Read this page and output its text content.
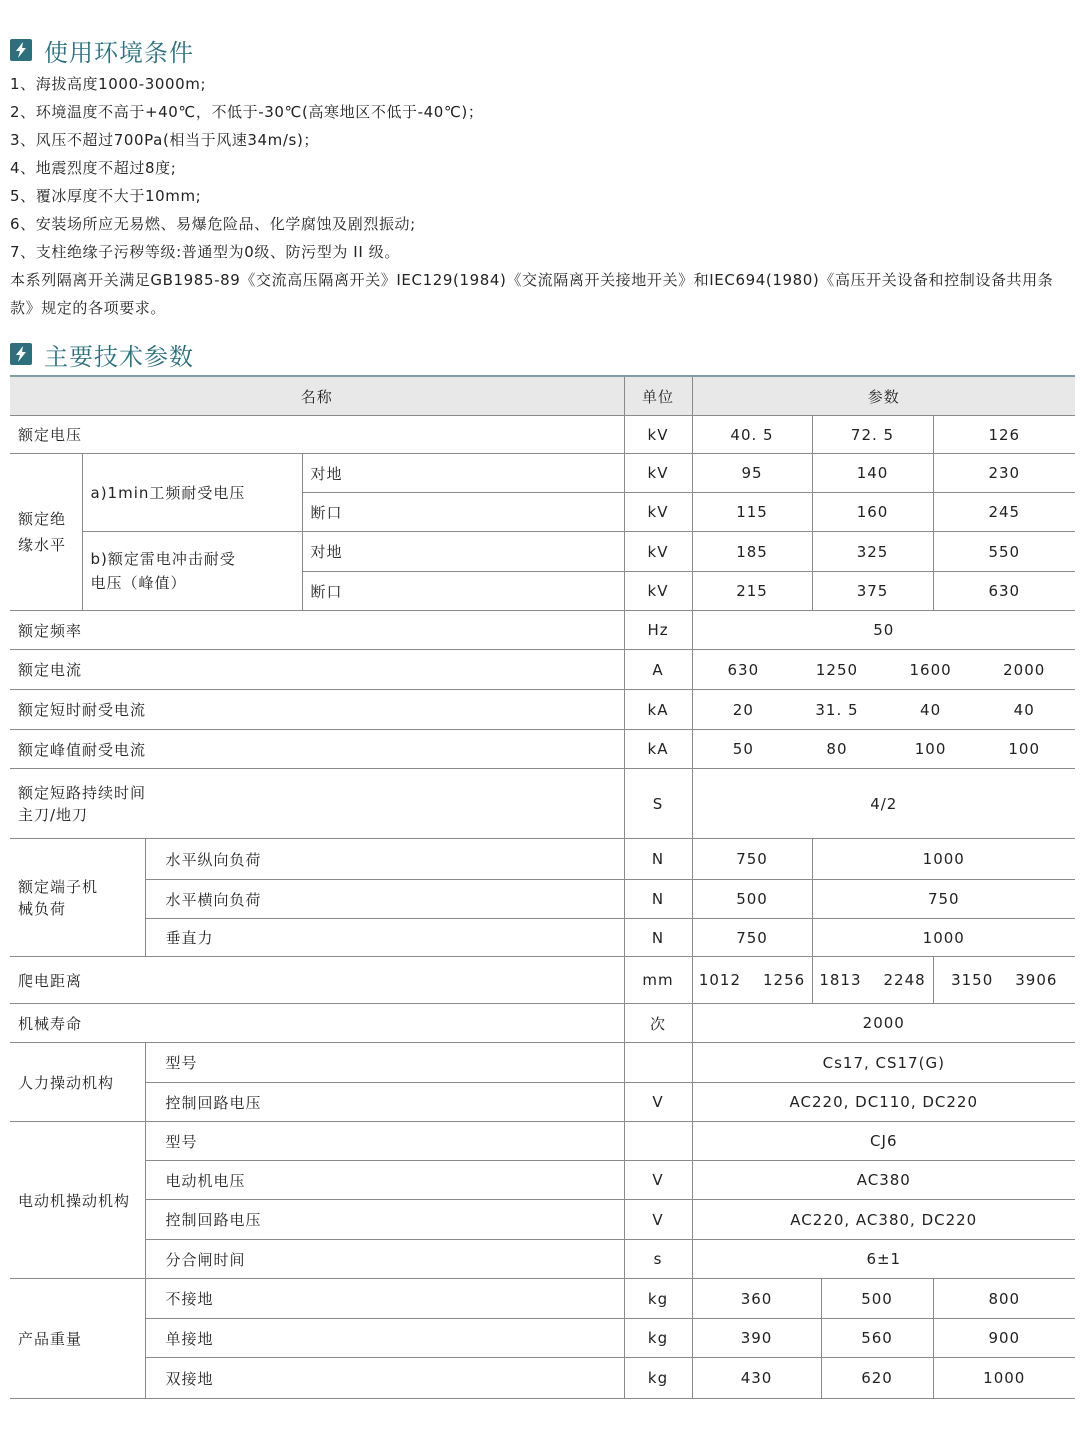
使用环境条件
1、海拔高度1000-3000m;
2、环境温度不高于+40℃，不低于-30℃(高寒地区不低于-40℃)；
3、风压不超过700Pa(相当于风速34m/s)；
4、地震烈度不超过8度;
5、覆冰厚度不大于10mm;
6、安装场所应无易燃、易爆危险品、化学腐蚀及剧烈振动;
7、支柱绝缘子污秽等级:普通型为0级、防污型为 II 级。
本系列隔离开关满足GB1985-89《交流高压隔离开关》IEC129(1984)《交流隔离开关接地开关》和IEC694(1980)《高压开关设备和控制设备共用条款》规定的各项要求。
主要技术参数
名称				单位	参数			
额定电压				kV	40. 5	72. 5		126

额定绝缘水平	a)1min工频耐受电压		对地	kV	95	140		230
			断口	kV	115	160		245

	b)额定雷电冲击耐受电压（峰值）		对地	kV	185	325		550
			断口	kV	215	375		630
额定频率				Hz	50			
额定电流				A	630 1250 1600 2000			

额定短时耐受电流				kA	20 31. 5 40 40			

额定峰值耐受电流				kA	50 80 100 100			

额定短路持续时间
主刀/地刀				S	4/2			

额定端子机械负荷		水平纵向负荷		N	750	1000		
		水平横向负荷		N	500	750		
		垂直力		N	750	1000		
爬电距离				mm	1012 1256	1813 2248		3150 3906

机械寿命				次	2000			
人力操动机构		型号			Cs17, CS17(G)			
		控制回路电压		V	AC220, DC110, DC220			
电动机操动机构		型号			CJ6			
		电动机电压		V	AC380			
		控制回路电压		V	AC220, AC380, DC220			
		分合闸时间		s	6±1			
产品重量		不接地		kg	360		500	800
		单接地		kg	390		560	900
		双接地		kg	430		620	1000
